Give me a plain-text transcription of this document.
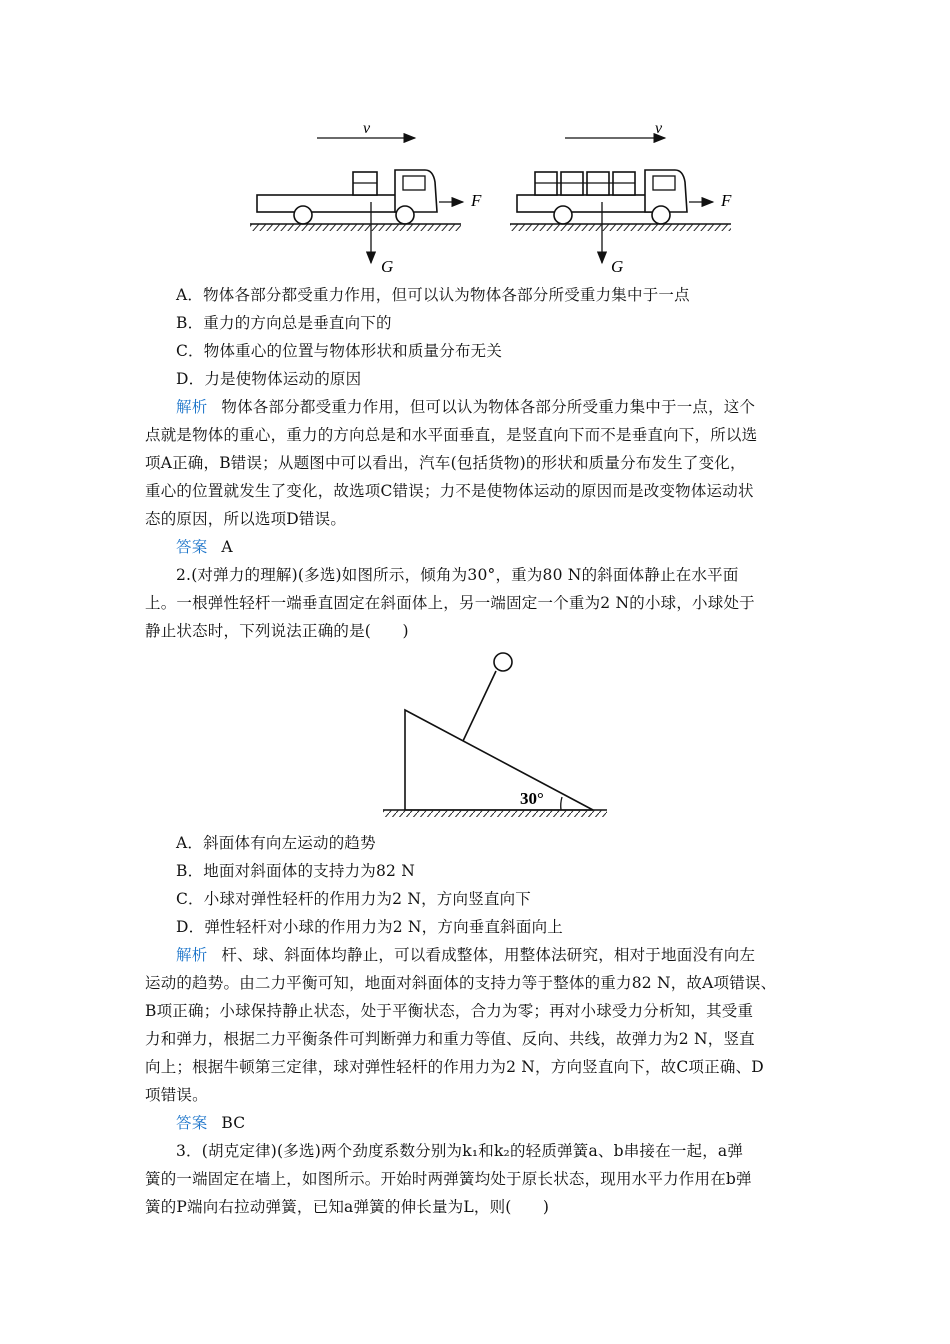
v
F
G
v
F
G
A．物体各部分都受重力作用，但可以认为物体各部分所受重力集中于一点
B．重力的方向总是垂直向下的
C．物体重心的位置与物体形状和质量分布无关
D．力是使物体运动的原因
解析 物体各部分都受重力作用，但可以认为物体各部分所受重力集中于一点，这个
点就是物体的重心，重力的方向总是和水平面垂直，是竖直向下而不是垂直向下，所以选
项A正确，B错误；从题图中可以看出，汽车(包括货物)的形状和质量分布发生了变化，
重心的位置就发生了变化，故选项C错误；力不是使物体运动的原因而是改变物体运动状
态的原因，所以选项D错误。
答案 A
2.(对弹力的理解)(多选)如图所示，倾角为30°，重为80 N的斜面体静止在水平面
上。一根弹性轻杆一端垂直固定在斜面体上，另一端固定一个重为2 N的小球，小球处于
静止状态时，下列说法正确的是(　　)
30°
A．斜面体有向左运动的趋势
B．地面对斜面体的支持力为82 N
C．小球对弹性轻杆的作用力为2 N，方向竖直向下
D．弹性轻杆对小球的作用力为2 N，方向垂直斜面向上
解析 杆、球、斜面体均静止，可以看成整体，用整体法研究，相对于地面没有向左
运动的趋势。由二力平衡可知，地面对斜面体的支持力等于整体的重力82 N，故A项错误、
B项正确；小球保持静止状态，处于平衡状态，合力为零；再对小球受力分析知，其受重
力和弹力，根据二力平衡条件可判断弹力和重力等值、反向、共线，故弹力为2 N，竖直
向上；根据牛顿第三定律，球对弹性轻杆的作用力为2 N，方向竖直向下，故C项正确、D
项错误。
答案 BC
3．(胡克定律)(多选)两个劲度系数分别为k₁和k₂的轻质弹簧a、b串接在一起，a弹
簧的一端固定在墙上，如图所示。开始时两弹簧均处于原长状态，现用水平力作用在b弹
簧的P端向右拉动弹簧，已知a弹簧的伸长量为L，则(　　)
